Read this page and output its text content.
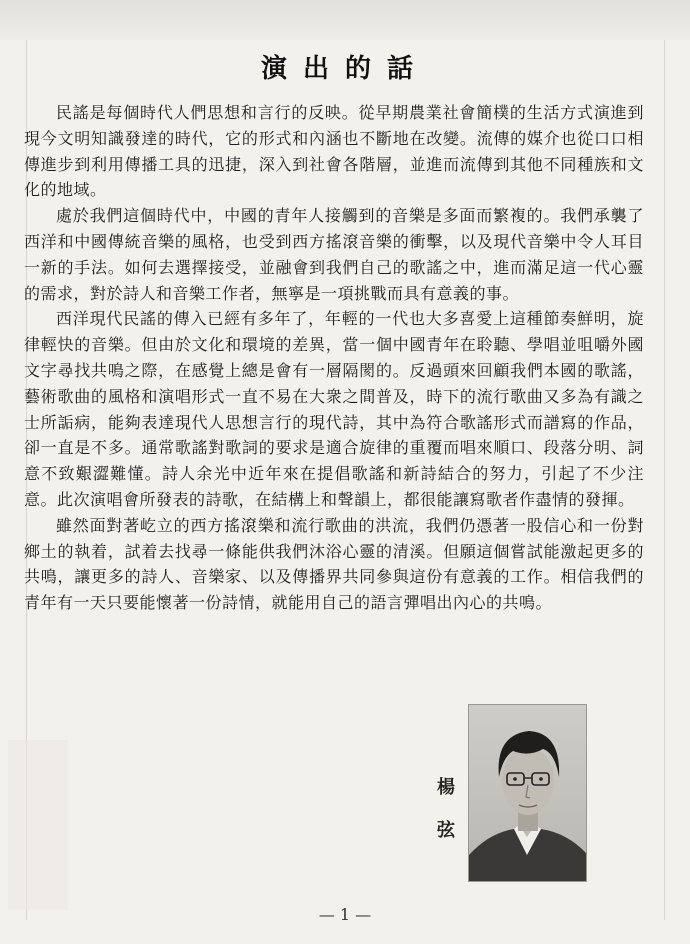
演出的話

民謠是每個時代人們思想和言行的反映。從早期農業社會簡樸的生活方式演進到現今文明知識發達的時代，它的形式和內涵也不斷地在改變。流傳的媒介也從口口相傳進步到利用傳播工具的迅捷，深入到社會各階層，並進而流傳到其他不同種族和文化的地域。

處於我們這個時代中，中國的青年人接觸到的音樂是多面而繁複的。我們承襲了西洋和中國傳統音樂的風格，也受到西方搖滾音樂的衝擊，以及現代音樂中令人耳目一新的手法。如何去選擇接受，並融會到我們自己的歌謠之中，進而滿足這一代心靈的需求，對於詩人和音樂工作者，無寧是一項挑戰而具有意義的事。

西洋現代民謠的傳入已經有多年了，年輕的一代也大多喜愛上這種節奏鮮明，旋律輕快的音樂。但由於文化和環境的差異，當一個中國青年在聆聽、學唱並咀嚼外國文字尋找共鳴之際，在感覺上總是會有一層隔閡的。反過頭來回顧我們本國的歌謠，藝術歌曲的風格和演唱形式一直不易在大衆之間普及，時下的流行歌曲又多為有識之士所詬病，能夠表達現代人思想言行的現代詩，其中為符合歌謠形式而譜寫的作品，卻一直是不多。通常歌謠對歌詞的要求是適合旋律的重覆而唱來順口、段落分明、詞意不致艱澀難懂。詩人余光中近年來在提倡歌謠和新詩結合的努力，引起了不少注意。此次演唱會所發表的詩歌，在結構上和聲韻上，都很能讓寫歌者作盡情的發揮。

雖然面對著屹立的西方搖滾樂和流行歌曲的洪流，我們仍憑著一股信心和一份對鄉土的執着，試着去找尋一條能供我們沐浴心靈的清溪。但願這個嘗試能激起更多的共鳴，讓更多的詩人、音樂家、以及傳播界共同參與這份有意義的工作。相信我們的青年有一天只要能懷著一份詩情，就能用自己的語言彈唱出內心的共鳴。

楊
弦
— 1 —
